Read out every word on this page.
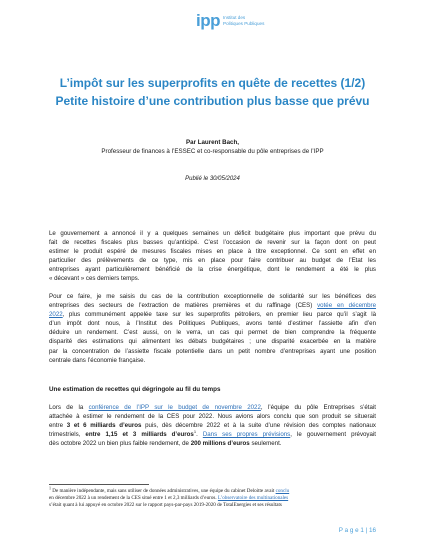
ipp Institut des
Politiques Publiques
L’impôt sur les superprofits en quête de recettes (1/2)
Petite histoire d’une contribution plus basse que prévu
Par Laurent Bach,
Professeur de finances à l’ESSEC et co-responsable du pôle entreprises de l’IPP
Publié le 30/05/2024
Le gouvernement a annoncé il y a quelques semaines un déficit budgétaire plus important que prévu du
fait de recettes fiscales plus basses qu’anticipé. C’est l’occasion de revenir sur la façon dont on peut
estimer le produit espéré de mesures fiscales mises en place à titre exceptionnel. Ce sont en effet en
particulier des prélèvements de ce type, mis en place pour faire contribuer au budget de l’Etat les
entreprises ayant particulièrement bénéficié de la crise énergétique, dont le rendement a été le plus
« décevant » ces derniers temps.
Pour ce faire, je me saisis du cas de la contribution exceptionnelle de solidarité sur les bénéfices des
entreprises des secteurs de l’extraction de matières premières et du raffinage (CES) votée en décembre
2022, plus communément appelée taxe sur les superprofits pétroliers, en premier lieu parce qu’il s’agit là
d’un impôt dont nous, à l’Institut des Politiques Publiques, avons tenté d’estimer l’assiette afin d’en
déduire un rendement. C’est aussi, on le verra, un cas qui permet de bien comprendre la fréquente
disparité des estimations qui alimentent les débats budgétaires ; une disparité exacerbée en la matière
par la concentration de l’assiette fiscale potentielle dans un petit nombre d’entreprises ayant une position
centrale dans l’économie française.
Une estimation de recettes qui dégringole au fil du temps
Lors de la conférence de l’IPP sur le budget de novembre 2022, l’équipe du pôle Entreprises s’était
attachée à estimer le rendement de la CES pour 2022. Nous avions alors conclu que son produit se situerait
entre 3 et 6 milliards d’euros puis, dès décembre 2022 et à la suite d’une révision des comptes nationaux
trimestriels, entre 1,15 et 3 milliards d’euros$^1$. Dans ses propres prévisions, le gouvernement prévoyait
dès octobre 2022 un bien plus faible rendement, de 200 millions d’euros seulement.
$^1$ De manière indépendante, mais sans utiliser de données administratives, une équipe du cabinet Deloitte avait conclu
en décembre 2022 à un rendement de la CES situé entre 1 et 2,3 milliards d’euros. L’observatoire des multinationales
s’était quant à lui appuyé en octobre 2022 sur le rapport pays-par-pays 2019-2020 de TotalEnergies et ses résultats
P a g e 1 | 16
